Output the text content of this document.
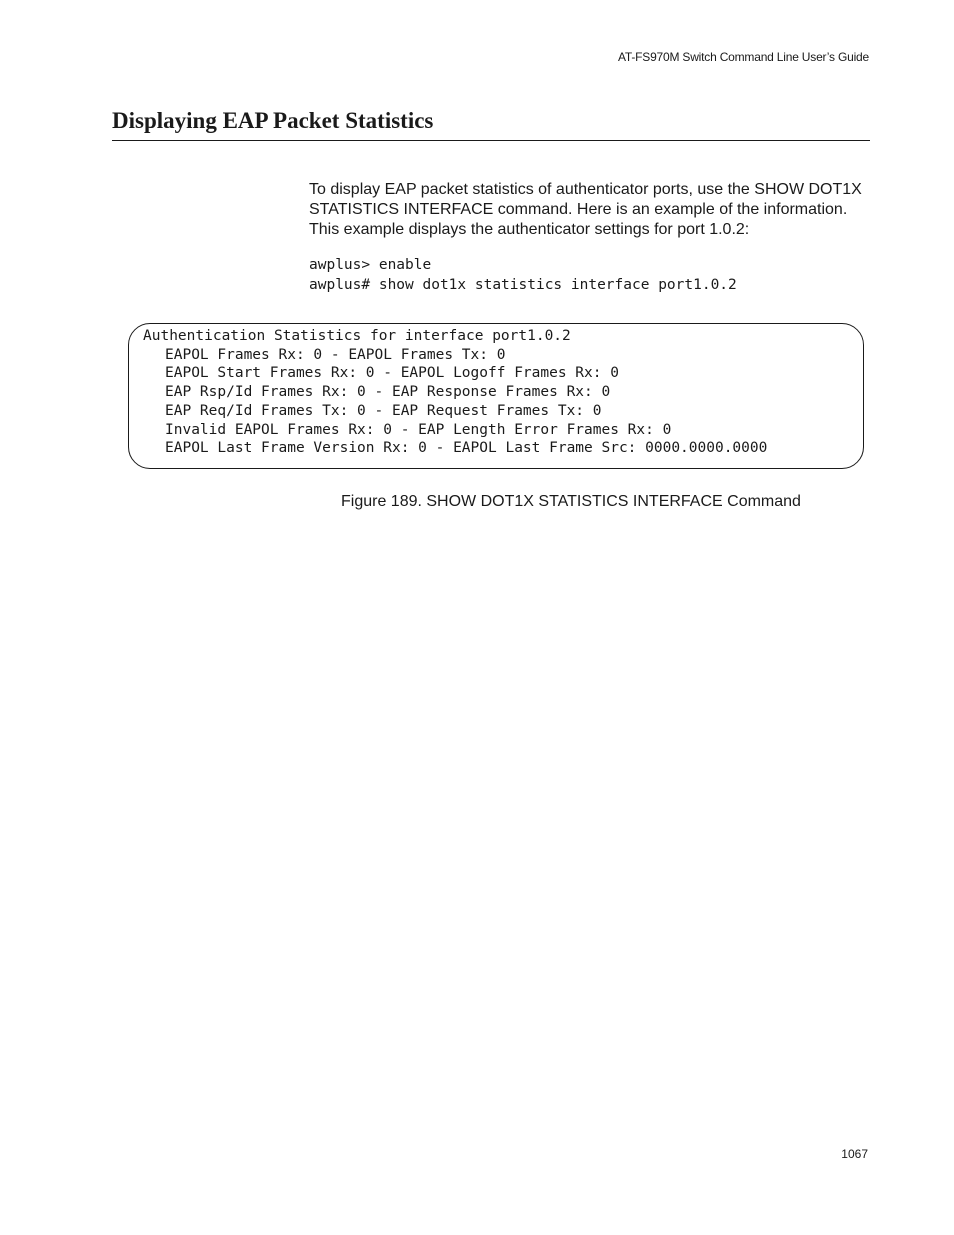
AT-FS970M Switch Command Line User’s Guide
Displaying EAP Packet Statistics

To display EAP packet statistics of authenticator ports, use the SHOW DOT1X STATISTICS INTERFACE command. Here is an example of the information. This example displays the authenticator settings for port 1.0.2:

awplus> enable
awplus# show dot1x statistics interface port1.0.2
Authentication Statistics for interface port1.0.2
EAPOL Frames Rx: 0 - EAPOL Frames Tx: 0
EAPOL Start Frames Rx: 0 - EAPOL Logoff Frames Rx: 0
EAP Rsp/Id Frames Rx: 0 - EAP Response Frames Rx: 0
EAP Req/Id Frames Tx: 0 - EAP Request Frames Tx: 0
Invalid EAPOL Frames Rx: 0 - EAP Length Error Frames Rx: 0
EAPOL Last Frame Version Rx: 0 - EAPOL Last Frame Src: 0000.0000.0000

Figure 189. SHOW DOT1X STATISTICS INTERFACE Command

1067
